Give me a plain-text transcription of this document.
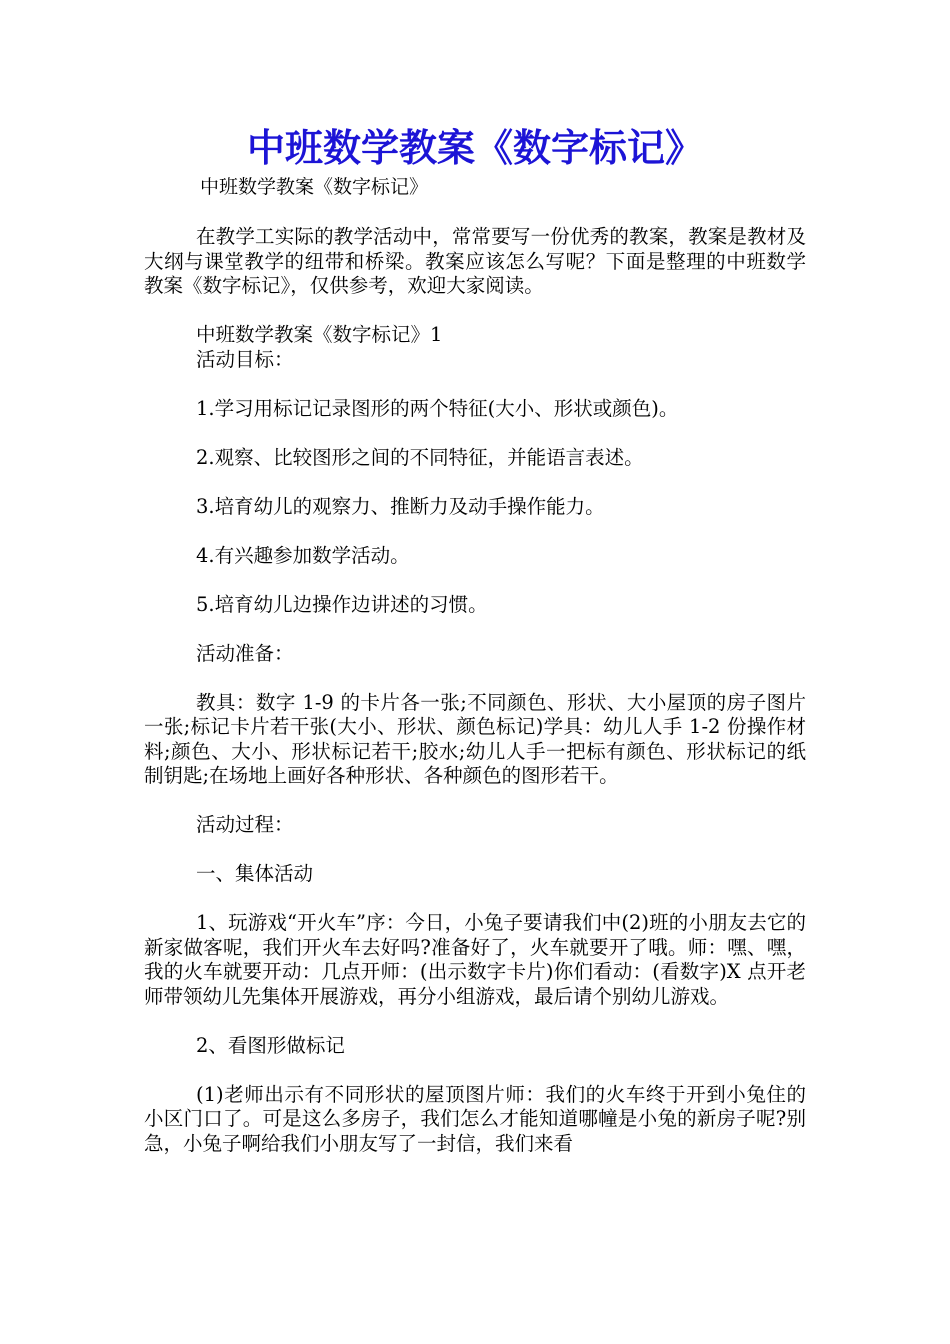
中班数学教案《数字标记》

中班数学教案《数字标记》

在教学工实际的教学活动中，常常要写一份优秀的教案，教案是教材及大纲与课堂教学的纽带和桥梁。教案应该怎么写呢？下面是整理的中班数学教案《数字标记》，仅供参考，欢迎大家阅读。

中班数学教案《数字标记》1

活动目标：

1.学习用标记记录图形的两个特征(大小、形状或颜色)。

2.观察、比较图形之间的不同特征，并能语言表述。

3.培育幼儿的观察力、推断力及动手操作能力。

4.有兴趣参加数学活动。

5.培育幼儿边操作边讲述的习惯。

活动准备：

教具：数字 1-9 的卡片各一张;不同颜色、形状、大小屋顶的房子图片一张;标记卡片若干张(大小、形状、颜色标记)学具：幼儿人手 1-2 份操作材料;颜色、大小、形状标记若干;胶水;幼儿人手一把标有颜色、形状标记的纸制钥匙;在场地上画好各种形状、各种颜色的图形若干。

活动过程：

一、集体活动

1、玩游戏“开火车”序：今日，小兔子要请我们中(2)班的小朋友去它的新家做客呢，我们开火车去好吗?准备好了，火车就要开了哦。师：嘿、嘿，我的火车就要开动：几点开师：(出示数字卡片)你们看动：(看数字)X 点开老师带领幼儿先集体开展游戏，再分小组游戏，最后请个别幼儿游戏。

2、看图形做标记

(1)老师出示有不同形状的屋顶图片师：我们的火车终于开到小兔住的小区门口了。可是这么多房子，我们怎么才能知道哪幢是小兔的新房子呢?别急，小兔子啊给我们小朋友写了一封信，我们来看
